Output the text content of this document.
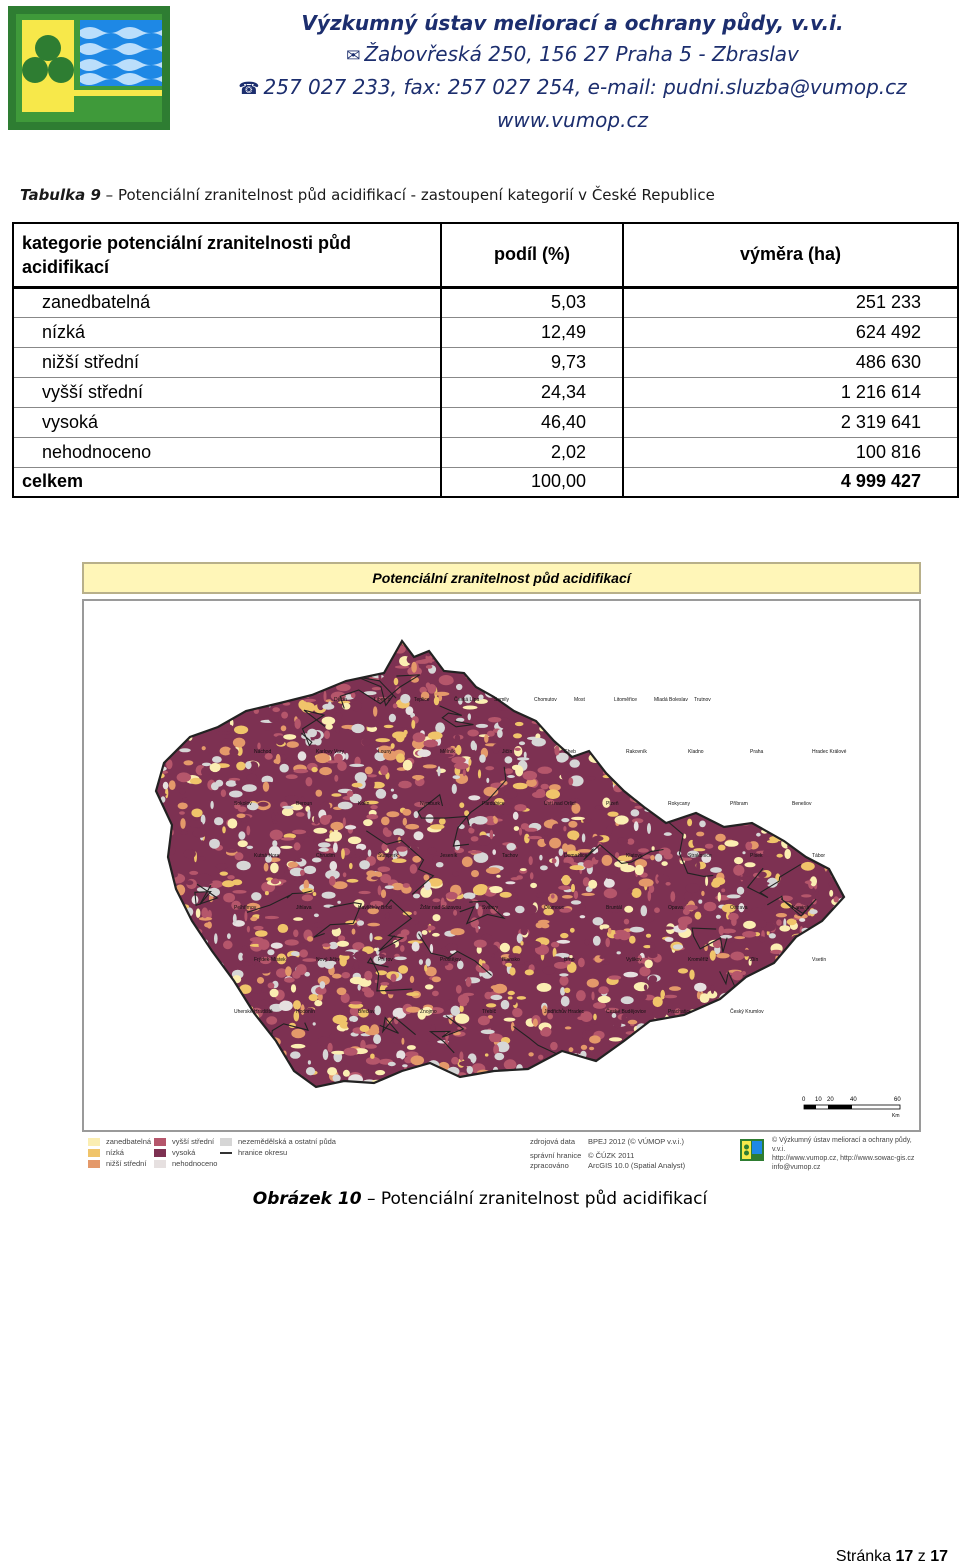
Výzkumný ústav meliorací a ochrany půdy, v.v.i.
✉ Žabovřeská 250, 156 27 Praha 5 - Zbraslav
☎ 257 027 233, fax: 257 027 254, e-mail: pudni.sluzba@vumop.cz
www.vumop.cz
Tabulka 9 – Potenciální zranitelnost půd acidifikací - zastoupení kategorií v České Republice
kategorie potenciální zranitelnosti půd acidifikací	podíl (%)	výměra (ha)
zanedbatelná	5,03	251 233
nízká	12,49	624 492
nižší střední	9,73	486 630
vyšší střední	24,34	1 216 614
vysoká	46,40	2 319 641
nehodnoceno	2,02	100 816
celkem	100,00	4 999 427
Potenciální zranitelnost půd acidifikací
Děčín	Liberec	Teplice	Česká Lípa	Semily	Chomutov	Most	Litoměřice	Mladá Boleslav Trutnov
Náchod	Karlovy Vary	Louny	Mělník	Jičín	Cheb	Rakovník	Kladno	Praha	Hradec Králové
Sokolov	Beroun	Kolín	Nymburk	Pardubice	Ústí nad Orlicí	Plzeň	Rokycany	Příbram	Benešov
Kutná Hora	Chrudim	Šumperk	Jeseník	Tachov	Domažlice	Klatovy	Strakonice	Písek	Tábor
Pelhřimov	Jihlava	Havlíčkův Brod	Žďár nad Sázavou	Svitavy	Olomouc	Bruntál	Opava	Ostrava	Karviná
Frýdek-Místek	Nový Jičín	Přerov	Prostějov	Blansko	Brno	Vyškov	Kroměříž	Zlín	Vsetín
Uherské Hradiště	Hodonín	Břeclav	Znojmo	Třebíč	Jindřichův Hradec	České Budějovice	Prachatice	Český Krumlov
0 10 20	40	60
Km
zanedbatelná
nízká
nižší střední
vyšší střední
vysoká
nehodnoceno
nezemědělská a ostatní půda
hranice okresu
zdrojová data
správní hranice
zpracováno
BPEJ 2012 (© VÚMOP v.v.i.)
© ČÚZK 2011
ArcGIS 10.0 (Spatial Analyst)
© Výzkumný ústav meliorací a ochrany půdy, v.v.i.
http://www.vumop.cz, http://www.sowac-gis.cz
info@vumop.cz
Obrázek 10 – Potenciální zranitelnost půd acidifikací
Stránka 17 z 17
